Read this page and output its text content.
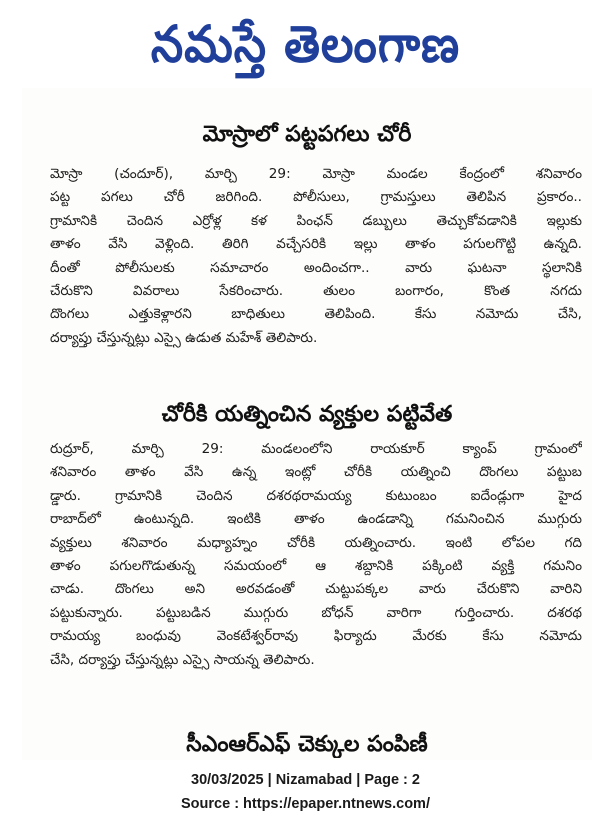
నమస్తే తెలంగాణ
మోస్రాలో పట్టపగలు చోరీ
మోస్రా (చందూర్), మార్చి 29: మోస్రా మండల కేంద్రంలో శనివారం
పట్ట పగలు చోరీ జరిగింది. పోలీసులు, గ్రామస్తులు తెలిపిన ప్రకారం..
గ్రామానికి చెందిన ఎర్రోళ్ల కళ పింఛన్ డబ్బులు తెచ్చుకోవడానికి ఇల్లుకు
తాళం వేసి వెళ్లింది. తిరిగి వచ్చేసరికి ఇల్లు తాళం పగులగొట్టి ఉన్నది.
దీంతో పోలీసులకు సమాచారం అందించగా.. వారు ఘటనా స్థలానికి
చేరుకొని వివరాలు సేకరించారు. తులం బంగారం, కొంత నగదు
దొంగలు ఎత్తుకెళ్లారని బాధితులు తెలిపింది. కేసు నమోదు చేసి,
దర్యాప్తు చేస్తున్నట్లు ఎస్సై ఉడుత మహేశ్ తెలిపారు.
చోరీకి యత్నించిన వ్యక్తుల పట్టివేత
రుద్రూర్, మార్చి 29: మండలంలోని రాయకూర్ క్యాంప్ గ్రామంలో
శనివారం తాళం వేసి ఉన్న ఇంట్లో చోరీకి యత్నించి దొంగలు పట్టుబ
డ్డారు. గ్రామానికి చెందిన దశరథరామయ్య కుటుంబం ఐదేండ్లుగా హైద
రాబాద్‌లో ఉంటున్నది. ఇంటికి తాళం ఉండడాన్ని గమనించిన ముగ్గురు
వ్యక్తులు శనివారం మధ్యాహ్నం చోరీకి యత్నించారు. ఇంటి లోపల గది
తాళం పగులగొడుతున్న సమయంలో ఆ శబ్దానికి పక్కింటి వ్యక్తి గమనిం
చాడు. దొంగలు అని అరవడంతో చుట్టుపక్కల వారు చేరుకొని వారిని
పట్టుకున్నారు. పట్టుబడిన ముగ్గురు బోధన్ వారిగా గుర్తించారు. దశరథ
రామయ్య బంధువు వెంకటేశ్వర్‌రావు ఫిర్యాదు మేరకు కేసు నమోదు
చేసి, దర్యాప్తు చేస్తున్నట్లు ఎస్సై సాయన్న తెలిపారు.
సీఎంఆర్ఎఫ్ చెక్కుల పంపిణీ
30/03/2025 | Nizamabad | Page : 2
Source : https://epaper.ntnews.com/
